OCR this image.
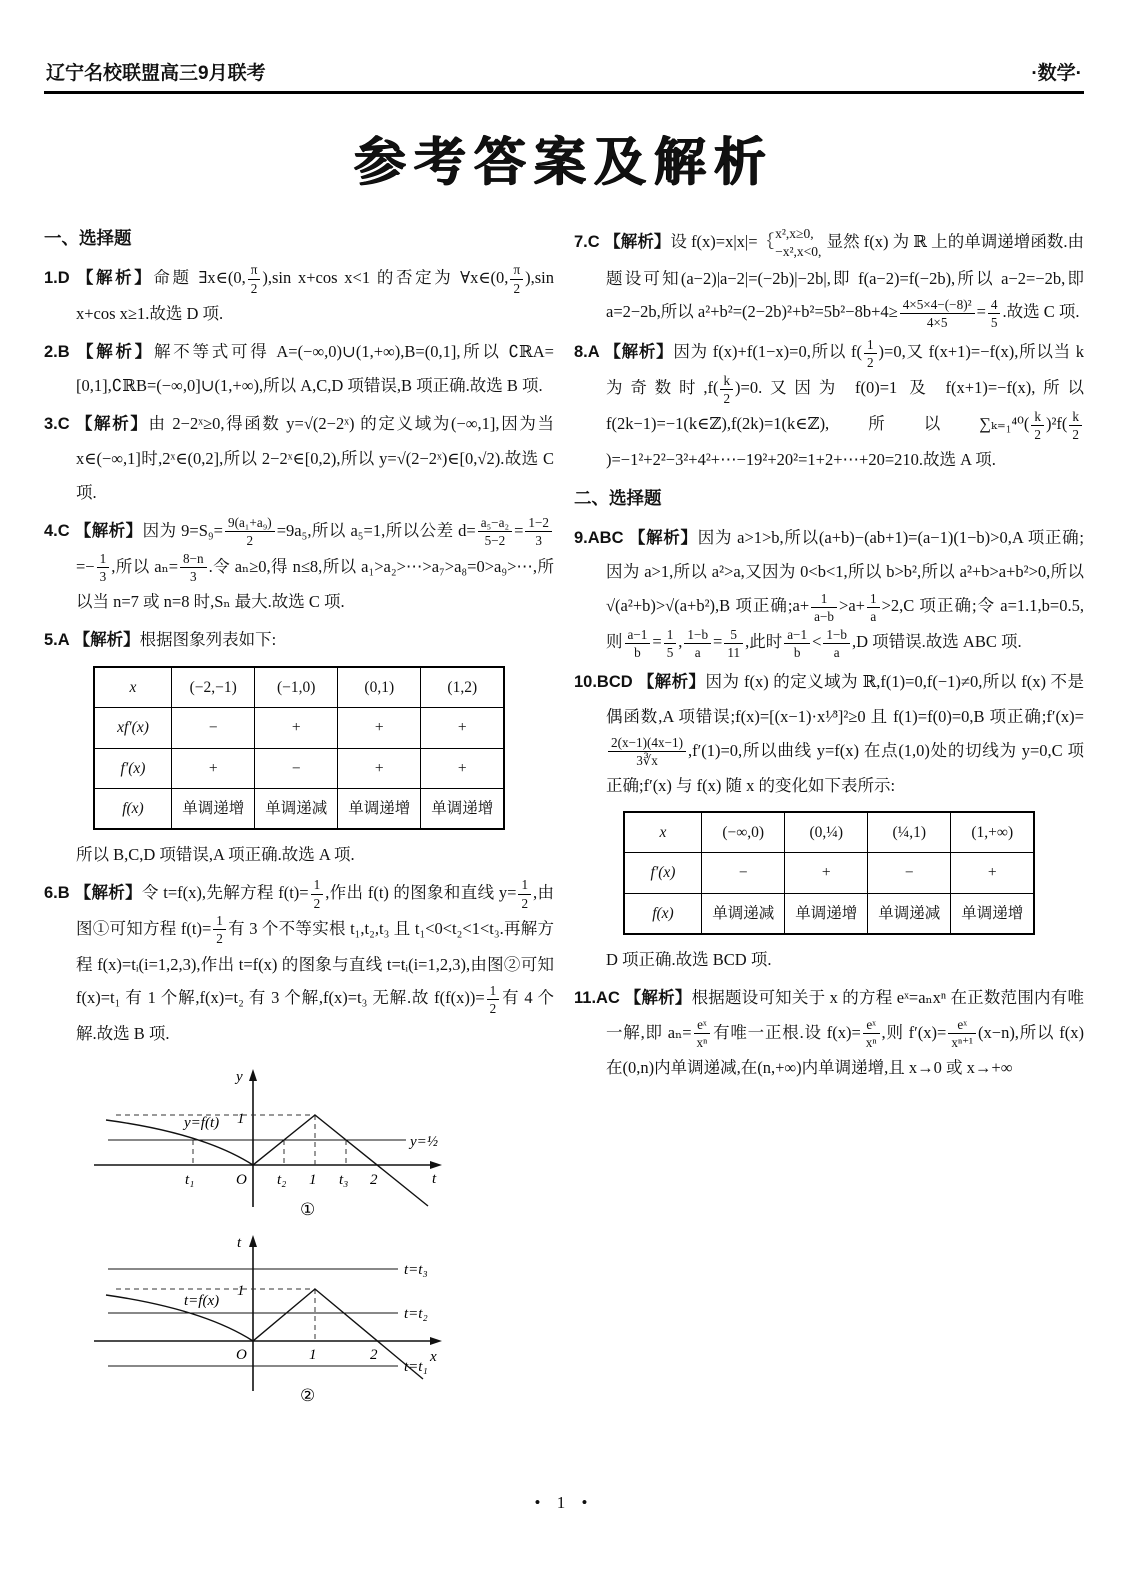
辽宁名校联盟高三9月联考	·数学·
参考答案及解析
一、选择题
1.D 【解析】命题 ∃x∈(0, $\frac{\pi}{2} ),\sin$ x+cos x<1 的否定为 ∀x∈(0, $\frac{\pi}{2} ),\sin$ x+cos x≥1.故选 D 项.
2.B 【解析】解不等式可得 A=(−∞,0)∪(1,+∞),B=(0,1],所以 ∁ℝA=[0,1],∁ℝB=(−∞,0]∪(1,+∞),所以 A,C,D 项错误,B 项正确.故选 B 项.
3.C 【解析】由 2−2ˣ≥0,得函数 y=√(2−2ˣ) 的定义域为(−∞,1],因为当 x∈(−∞,1]时,2ˣ∈(0,2],所以 2−2ˣ∈[0,2),所以 y=√(2−2ˣ)∈[0,√2).故选 C 项.
4.C 【解析】因为 $9=S_9= \frac{\text{9(a₁+a₉)}}{2} =9a_5$,所以 a₅=1,所以公差 $d= \frac{\text{a₅−a₂}}{5-2} = \frac{1-2}{3}$
=− $\frac{1}{3}$ ,所以 $a_n= \frac{8-n}{3}$ .令 aₙ≥0,得 n≤8,所以 a₁>a₂>⋯>a₇>a₈=0>a₉>⋯,所以当 n=7 或 n=8 时,Sₙ 最大.故选 C 项.
5.A 【解析】根据图象列表如下:
x	(−2,−1)	(−1,0)	(0,1)	(1,2)
xf′(x)	−	+	+	+
f′(x)	+	−	+	+
f(x)	单调递增	单调递减	单调递增	单调递增
所以 B,C,D 项错误,A 项正确.故选 A 项.
6.B 【解析】令 t=f(x),先解方程 $f(t)= \frac{1}{2}$ ,作出 f(t) 的图象和直线 $y= \frac{1}{2}$ ,由图①可知方程 $f(t)= \frac{1}{2}$ 有 3 个不等实根 t₁,t₂,t₃ 且 t₁<0<t₂<1<t₃.再解方程 f(x)=tᵢ(i=1,2,3),作出 t=f(x) 的图象与直线 t=tᵢ(i=1,2,3),由图②可知 f(x)=t₁ 有 1 个解,f(x)=t₂ 有 3 个解,f(x)=t₃ 无解.故 $f(f(x))= \frac{1}{2}$ 有 4 个解.故选 B 项.
y
t
1
y=f(t)
y=½
t₁	O t₂ 1 t₃ 2
①
t
x
1
t=f(x)
t=t₃
t=t₂
t=t₁
O	1	2
②
7.C 【解析】设 f(x)=x|x|=｛ x²,x≥0,
−x²,x<0,
显然 f(x) 为 ℝ 上的单调递增函数.由题设可知(a−2)|a−2|=(−2b)|−2b|,即 f(a−2)=f(−2b),所以 a−2=−2b,即 a=2−2b,所以 $a^2+b^2=(2-2b)^2+b^2=5b^2-8b+4\ge \frac{\text{4×5×4−(−8)²}}{4\times 5} = \frac{4}{5}$ .故选 C 项.
8.A 【解析】因为 f(x)+f(1−x)=0,所以 $f( \frac{1}{2} )=0$,又 f(x+1)=−f(x),所以当 k 为奇数时$,f( \frac{k}{2} )=0$.又因为 f(0)=1 及 f(x+1)=−f(x),所以 f(2k−1)=−1(k∈ℤ),f(2k)=1(k∈ℤ),所以$\sum_{k=1}^{40}( \frac{k}{2} )^2f( \frac{k}{2}$
)=−1²+2²−3²+4²+⋯−19²+20²=1+2+⋯+20=210.故选 A 项.
二、选择题
9.ABC 【解析】因为 a>1>b,所以(a+b)−(ab+1)=(a−1)(1−b)>0,A 项正确;因为 a>1,所以 a²>a,又因为 0<b<1,所以 b>b²,所以 a²+b>a+b²>0,所以 √(a²+b)>√(a+b²),B 项正确;a+ $\frac{1}{a-b} >a+ \frac{1}{a} >2,C$ 项正确;令 a=1.1,b=0.5,则 $\frac{a-1}{b} = \frac{1}{5}$ , $\frac{1-b}{a} = \frac{5}{11}$ ,此时 $\frac{a-1}{b} < \frac{1-b}{a} ,D$ 项错误.故选 ABC 项.
10.BCD 【解析】因为 f(x) 的定义域为 ℝ,f(1)=0,f(−1)≠0,所以 f(x) 不是偶函数,A 项错误;f(x)=[(x−1)·x¹⁄³]²≥0 且 f(1)=f(0)=0,B 项正确;f′(x)=
$\frac{2(x-1)(4x-1)}{3∛x} ,f'(1)=0$,所以曲线 y=f(x) 在点(1,0)处的切线为 y=0,C 项正确;f′(x) 与 f(x) 随 x 的变化如下表所示:
x	(−∞,0)	(0,¼)	(¼,1)	(1,+∞)
f′(x)	−	+	−	+
f(x)	单调递减	单调递增	单调递减	单调递增
D 项正确.故选 BCD 项.
11.AC 【解析】根据题设可知关于 x 的方程 eˣ=aₙxⁿ 在正数范围内有唯一解,即 $a_n= \frac{\text{eˣ}}{\text{xⁿ}}$ 有唯一正根.设 $f(x)= \frac{\text{eˣ}}{\text{xⁿ}}$ ,则 $f'(x)= \frac{\text{eˣ}}{\text{xⁿ⁺¹}} (x-n)$,所以 f(x) 在(0,n)内单调递减,在(n,+∞)内单调递增,且 x→0 或 x→+∞
• 1 •
